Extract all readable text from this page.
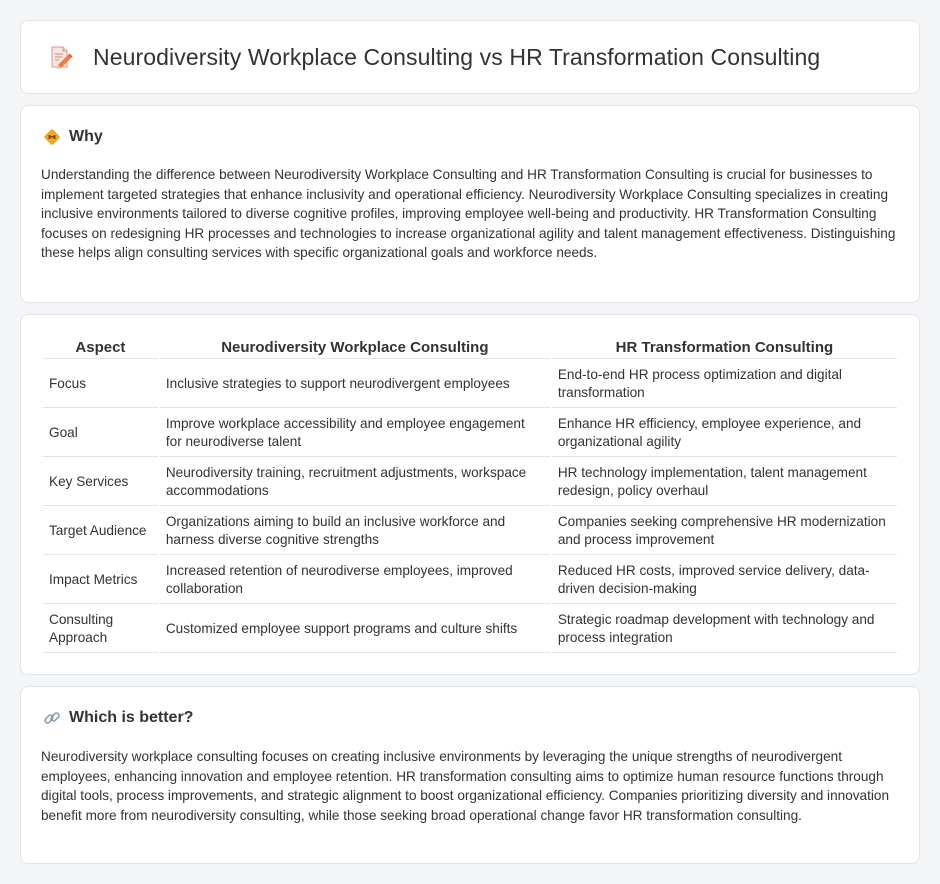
Neurodiversity Workplace Consulting vs HR Transformation Consulting
Why

Understanding the difference between Neurodiversity Workplace Consulting and HR Transformation Consulting is crucial for businesses to implement targeted strategies that enhance inclusivity and operational efficiency. Neurodiversity Workplace Consulting specializes in creating inclusive environments tailored to diverse cognitive profiles, improving employee well-being and productivity. HR Transformation Consulting focuses on redesigning HR processes and technologies to increase organizational agility and talent management effectiveness. Distinguishing these helps align consulting services with specific organizational goals and workforce needs.

Aspect	Neurodiversity Workplace Consulting	HR Transformation Consulting
Focus	Inclusive strategies to support neurodivergent employees	End-to-end HR process optimization and digital transformation
Goal	Improve workplace accessibility and employee engagement for neurodiverse talent	Enhance HR efficiency, employee experience, and organizational agility
Key Services	Neurodiversity training, recruitment adjustments, workspace accommodations	HR technology implementation, talent management redesign, policy overhaul
Target Audience	Organizations aiming to build an inclusive workforce and harness diverse cognitive strengths	Companies seeking comprehensive HR modernization and process improvement
Impact Metrics	Increased retention of neurodiverse employees, improved collaboration	Reduced HR costs, improved service delivery, data-driven decision-making
Consulting Approach	Customized employee support programs and culture shifts	Strategic roadmap development with technology and process integration
Which is better?

Neurodiversity workplace consulting focuses on creating inclusive environments by leveraging the unique strengths of neurodivergent employees, enhancing innovation and employee retention. HR transformation consulting aims to optimize human resource functions through digital tools, process improvements, and strategic alignment to boost organizational efficiency. Companies prioritizing diversity and innovation benefit more from neurodiversity consulting, while those seeking broad operational change favor HR transformation consulting.
